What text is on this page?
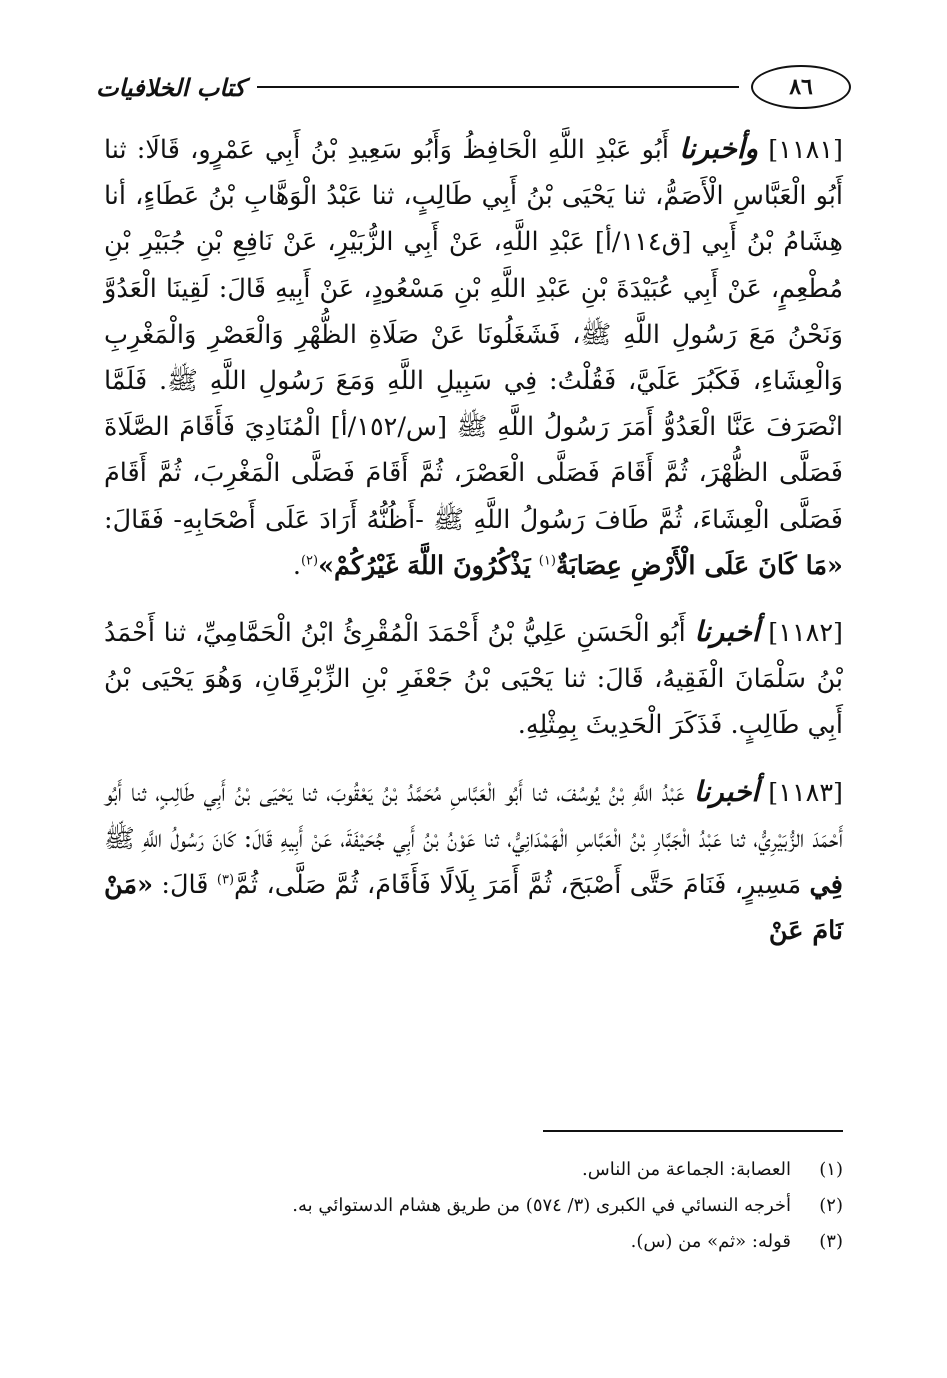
٨٦
كتاب الخلافيات

[١١٨١] وأخبرنا أَبُو عَبْدِ اللَّهِ الْحَافِظُ وَأَبُو سَعِيدِ بْنُ أَبِي عَمْرٍو، قَالَا: ثنا أَبُو الْعَبَّاسِ الْأَصَمُّ، ثنا يَحْيَى بْنُ أَبِي طَالِبٍ، ثنا عَبْدُ الْوَهَّابِ بْنُ عَطَاءٍ، أنا هِشَامُ بْنُ أَبِي [ق١١٤/أ] عَبْدِ اللَّهِ، عَنْ أَبِي الزُّبَيْرِ، عَنْ نَافِعِ بْنِ جُبَيْرِ بْنِ مُطْعِمٍ، عَنْ أَبِي عُبَيْدَةَ بْنِ عَبْدِ اللَّهِ بْنِ مَسْعُودٍ، عَنْ أَبِيهِ قَالَ: لَقِينَا الْعَدُوَّ وَنَحْنُ مَعَ رَسُولِ اللَّهِ ﷺ، فَشَغَلُونَا عَنْ صَلَاةِ الظُّهْرِ وَالْعَصْرِ وَالْمَغْرِبِ وَالْعِشَاءِ، فَكَبُرَ عَلَيَّ، فَقُلْتُ: فِي سَبِيلِ اللَّهِ وَمَعَ رَسُولِ اللَّهِ ﷺ. فَلَمَّا انْصَرَفَ عَنَّا الْعَدُوُّ أَمَرَ رَسُولُ اللَّهِ ﷺ [س/١٥٢/أ] الْمُنَادِيَ فَأَقَامَ الصَّلَاةَ فَصَلَّى الظُّهْرَ، ثُمَّ أَقَامَ فَصَلَّى الْعَصْرَ، ثُمَّ أَقَامَ فَصَلَّى الْمَغْرِبَ، ثُمَّ أَقَامَ فَصَلَّى الْعِشَاءَ، ثُمَّ طَافَ رَسُولُ اللَّهِ ﷺ -أَظُنُّهُ أَرَادَ عَلَى أَصْحَابِهِ- فَقَالَ: «مَا كَانَ عَلَى الْأَرْضِ عِصَابَةٌ$^{(١)}$ يَذْكُرُونَ اللَّهَ غَيْرُكُمْ»$^{(٢)}$.

[١١٨٢] أخبرنا أَبُو الْحَسَنِ عَلِيُّ بْنُ أَحْمَدَ الْمُقْرِئُ ابْنُ الْحَمَّامِيِّ، ثنا أَحْمَدُ بْنُ سَلْمَانَ الْفَقِيهُ، قَالَ: ثنا يَحْيَى بْنُ جَعْفَرِ بْنِ الزِّبْرِقَانِ، وَهُوَ يَحْيَى بْنُ أَبِي طَالِبٍ. فَذَكَرَ الْحَدِيثَ بِمِثْلِهِ.

[١١٨٣] أخبرنا عَبْدُ اللَّهِ بْنُ يُوسُفَ، ثنا أَبُو الْعَبَّاسِ مُحَمَّدُ بْنُ يَعْقُوبَ، ثنا يَحْيَى بْنُ أَبِي طَالِبٍ، ثنا أَبُو أَحْمَدَ الزُّبَيْرِيُّ، ثنا عَبْدُ الْجَبَّارِ بْنُ الْعَبَّاسِ الْهَمْدَانِيُّ، ثنا عَوْنُ بْنُ أَبِي جُحَيْفَةَ، عَنْ أَبِيهِ قَالَ: كَانَ رَسُولُ اللَّهِ ﷺ فِي مَسِيرٍ، فَنَامَ حَتَّى أَصْبَحَ، ثُمَّ أَمَرَ بِلَالًا فَأَقَامَ، ثُمَّ صَلَّى، ثُمَّ$^{(٣)}$ قَالَ: «مَنْ نَامَ عَنْ

(١)
العصابة: الجماعة من الناس.
(٢)
أخرجه النسائي في الكبرى (٣/ ٥٧٤) من طريق هشام الدستوائي به.
(٣)
قوله: «ثم» من (س).
